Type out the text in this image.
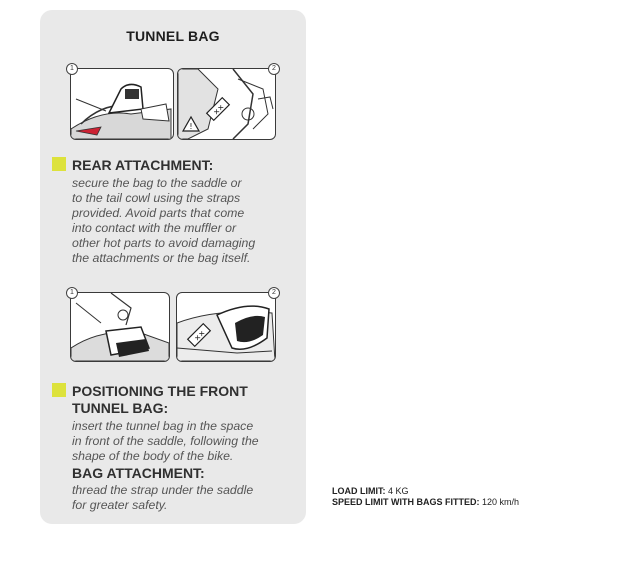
TUNNEL BAG
1
✕✕
!
2
REAR ATTACHMENT:
secure the bag to the saddle or
to the tail cowl using the straps
provided. Avoid parts that come
into contact with the muffler or
other hot parts to avoid damaging
the attachments or the bag itself.
1
✕✕
2
POSITIONING THE FRONT
TUNNEL BAG:
insert the tunnel bag in the space
in front of the saddle, following the
shape of the body of the bike.
BAG ATTACHMENT:
thread the strap under the saddle
for greater safety.
LOAD LIMIT: 4 KG
SPEED LIMIT WITH BAGS FITTED: 120 km/h
